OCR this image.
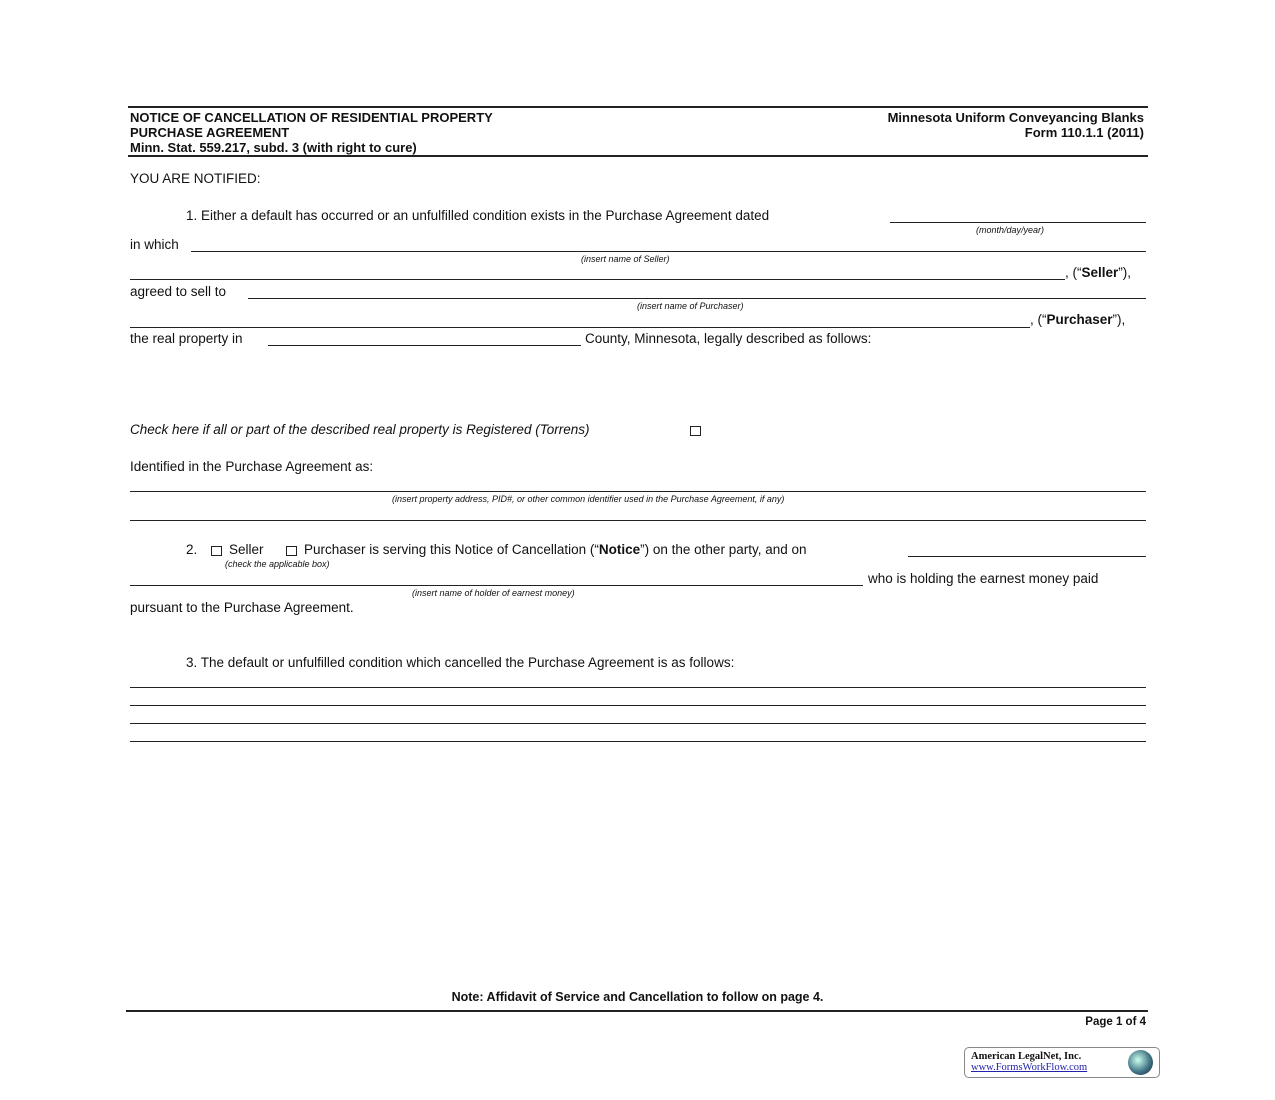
NOTICE OF CANCELLATION OF RESIDENTIAL PROPERTY
PURCHASE AGREEMENT
Minn. Stat. 559.217, subd. 3 (with right to cure)
Minnesota Uniform Conveyancing Blanks
Form 110.1.1 (2011)
YOU ARE NOTIFIED:
1. Either a default has occurred or an unfulfilled condition exists in the Purchase Agreement dated
(month/day/year)
in which
(insert name of Seller)
, (“Seller”),
agreed to sell to
(insert name of Purchaser)
, (“Purchaser”),
the real property in	County, Minnesota, legally described as follows:
Check here if all or part of the described real property is Registered (Torrens)
Identified in the Purchase Agreement as:
(insert property address, PID#, or other common identifier used in the Purchase Agreement, if any)
2. Seller	Purchaser is serving this Notice of Cancellation (“Notice”) on the other party, and on
(check the applicable box)
who is holding the earnest money paid
(insert name of holder of earnest money)
pursuant to the Purchase Agreement.
3. The default or unfulfilled condition which cancelled the Purchase Agreement is as follows:
Note: Affidavit of Service and Cancellation to follow on page 4.
Page 1 of 4
American LegalNet, Inc.
www.FormsWorkFlow.com
